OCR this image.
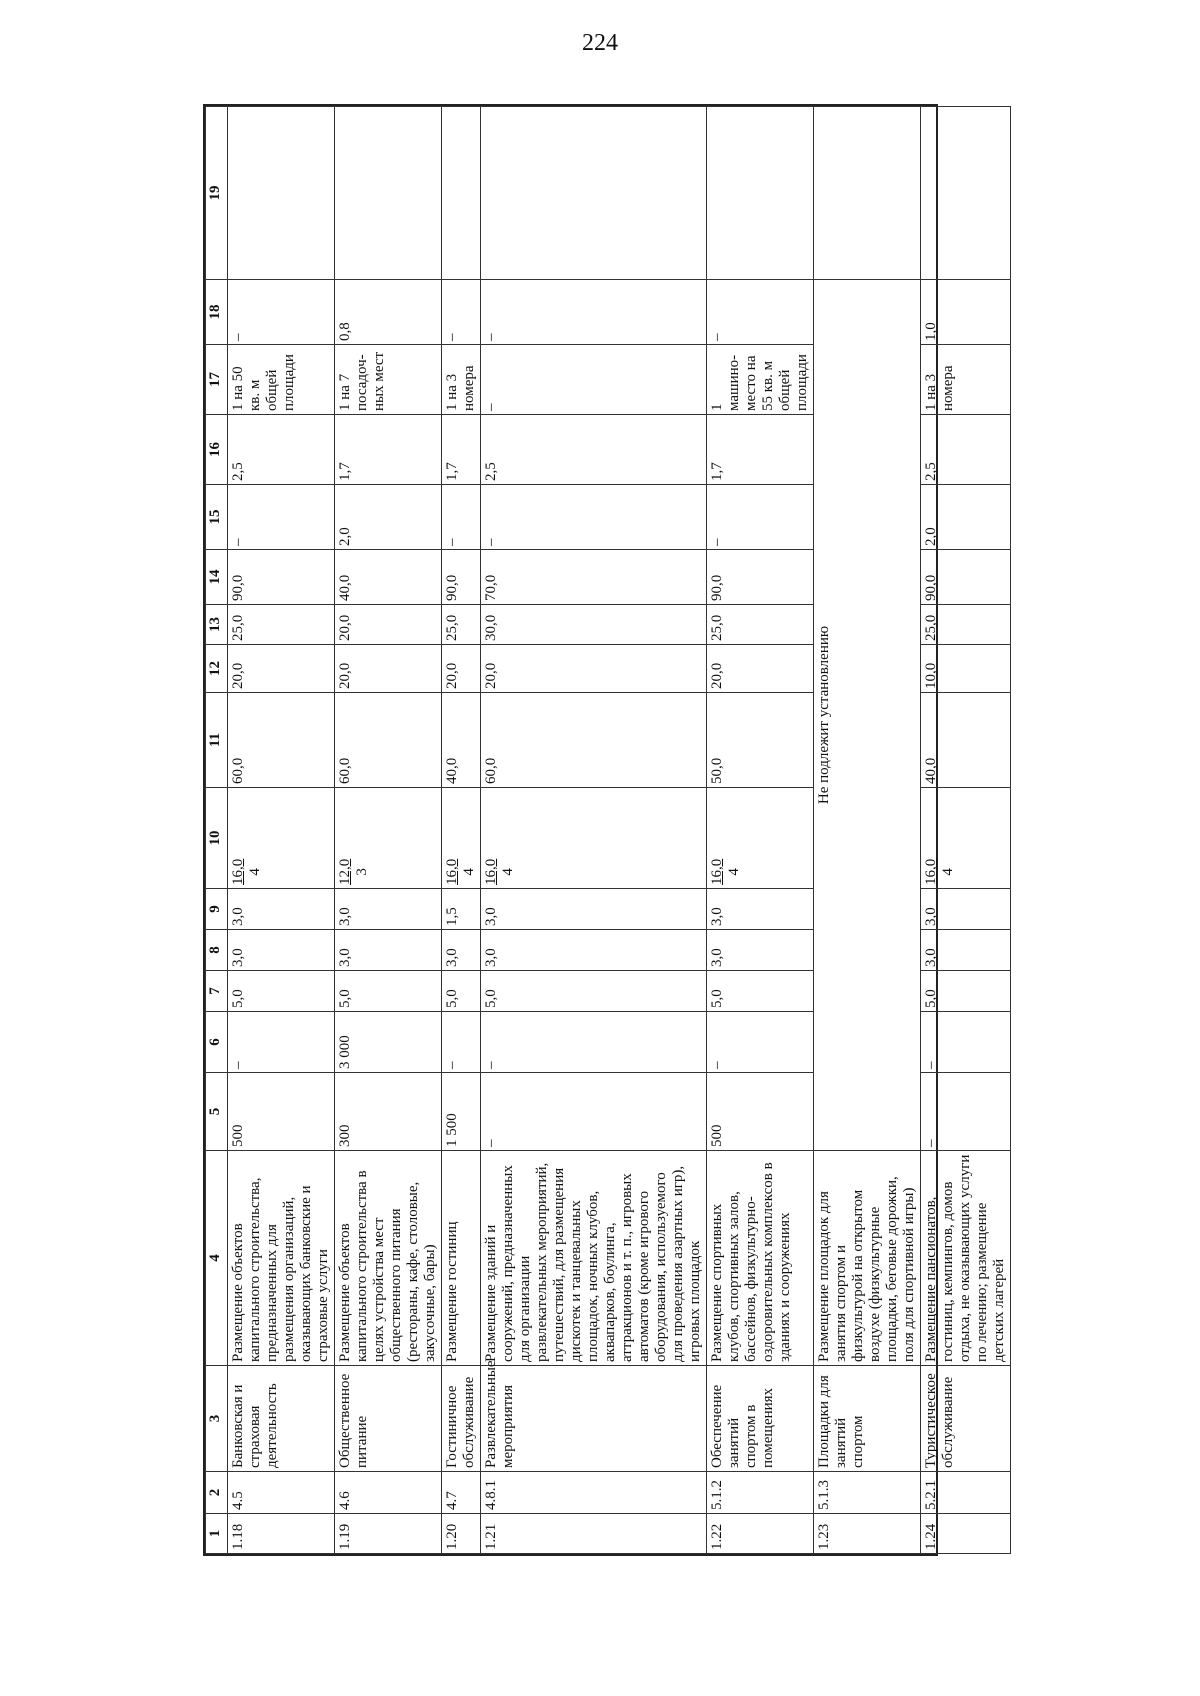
224
1	2	3	4	5	6	7	8	9	10	11	12	13	14	15	16	17	18	19
1.18	4.5	Банковская и страховая деятельность	Размещение объектов капитального строительства, предназначенных для размещения организаций, оказывающих банковские и страховые услуги	500	–	5,0	3,0	3,0	16,0 4	60,0	20,0	25,0	90,0	–	2,5	1 на 50 кв. м общей площади	–	
1.19	4.6	Общественное питание	Размещение объектов капитального строительства в целях устройства мест общественного питания (рестораны, кафе, столовые, закусочные, бары)	300	3 000	5,0	3,0	3,0	12,0 3	60,0	20,0	20,0	40,0	2,0	1,7	1 на 7 посадоч-ных мест	0,8	
1.20	4.7	Гостиничное обслуживание	Размещение гостиниц	1 500	–	5,0	3,0	1,5	16,0 4	40,0	20,0	25,0	90,0	–	1,7	1 на 3 номера	–	
1.21	4.8.1	Развлекательные мероприятия	Размещение зданий и сооружений, предназначенных для организации развлекательных мероприятий, путешествий, для размещения дискотек и танцевальных площадок, ночных клубов, аквапарков, боулинга, аттракционов и т. п., игровых автоматов (кроме игрового оборудования, используемого для проведения азартных игр), игровых площадок	–	–	5,0	3,0	3,0	16,0 4	60,0	20,0	30,0	70,0	–	2,5	–	–	
1.22	5.1.2	Обеспечение занятий спортом в помещениях	Размещение спортивных клубов, спортивных залов, бассейнов, физкультурно-оздоровительных комплексов в зданиях и сооружениях	500	–	5,0	3,0	3,0	16,0 4	50,0	20,0	25,0	90,0	–	1,7	1 машино-место на 55 кв. м общей площади	–	
1.23	5.1.3	Площадки для занятий спортом	Размещение площадок для занятия спортом и физкультурой на открытом воздухе (физкультурные площадки, беговые дорожки, поля для спортивной игры)	Не подлежит установлению														
1.24	5.2.1	Туристическое обслуживание	Размещение пансионатов, гостиниц, кемпингов, домов отдыха, не оказывающих услуги по лечению; размещение детских лагерей	–	–	5,0	3,0	3,0	16,0 4	40,0	10,0	25,0	90,0	2,0	2,5	1 на 3 номера	1,0	
